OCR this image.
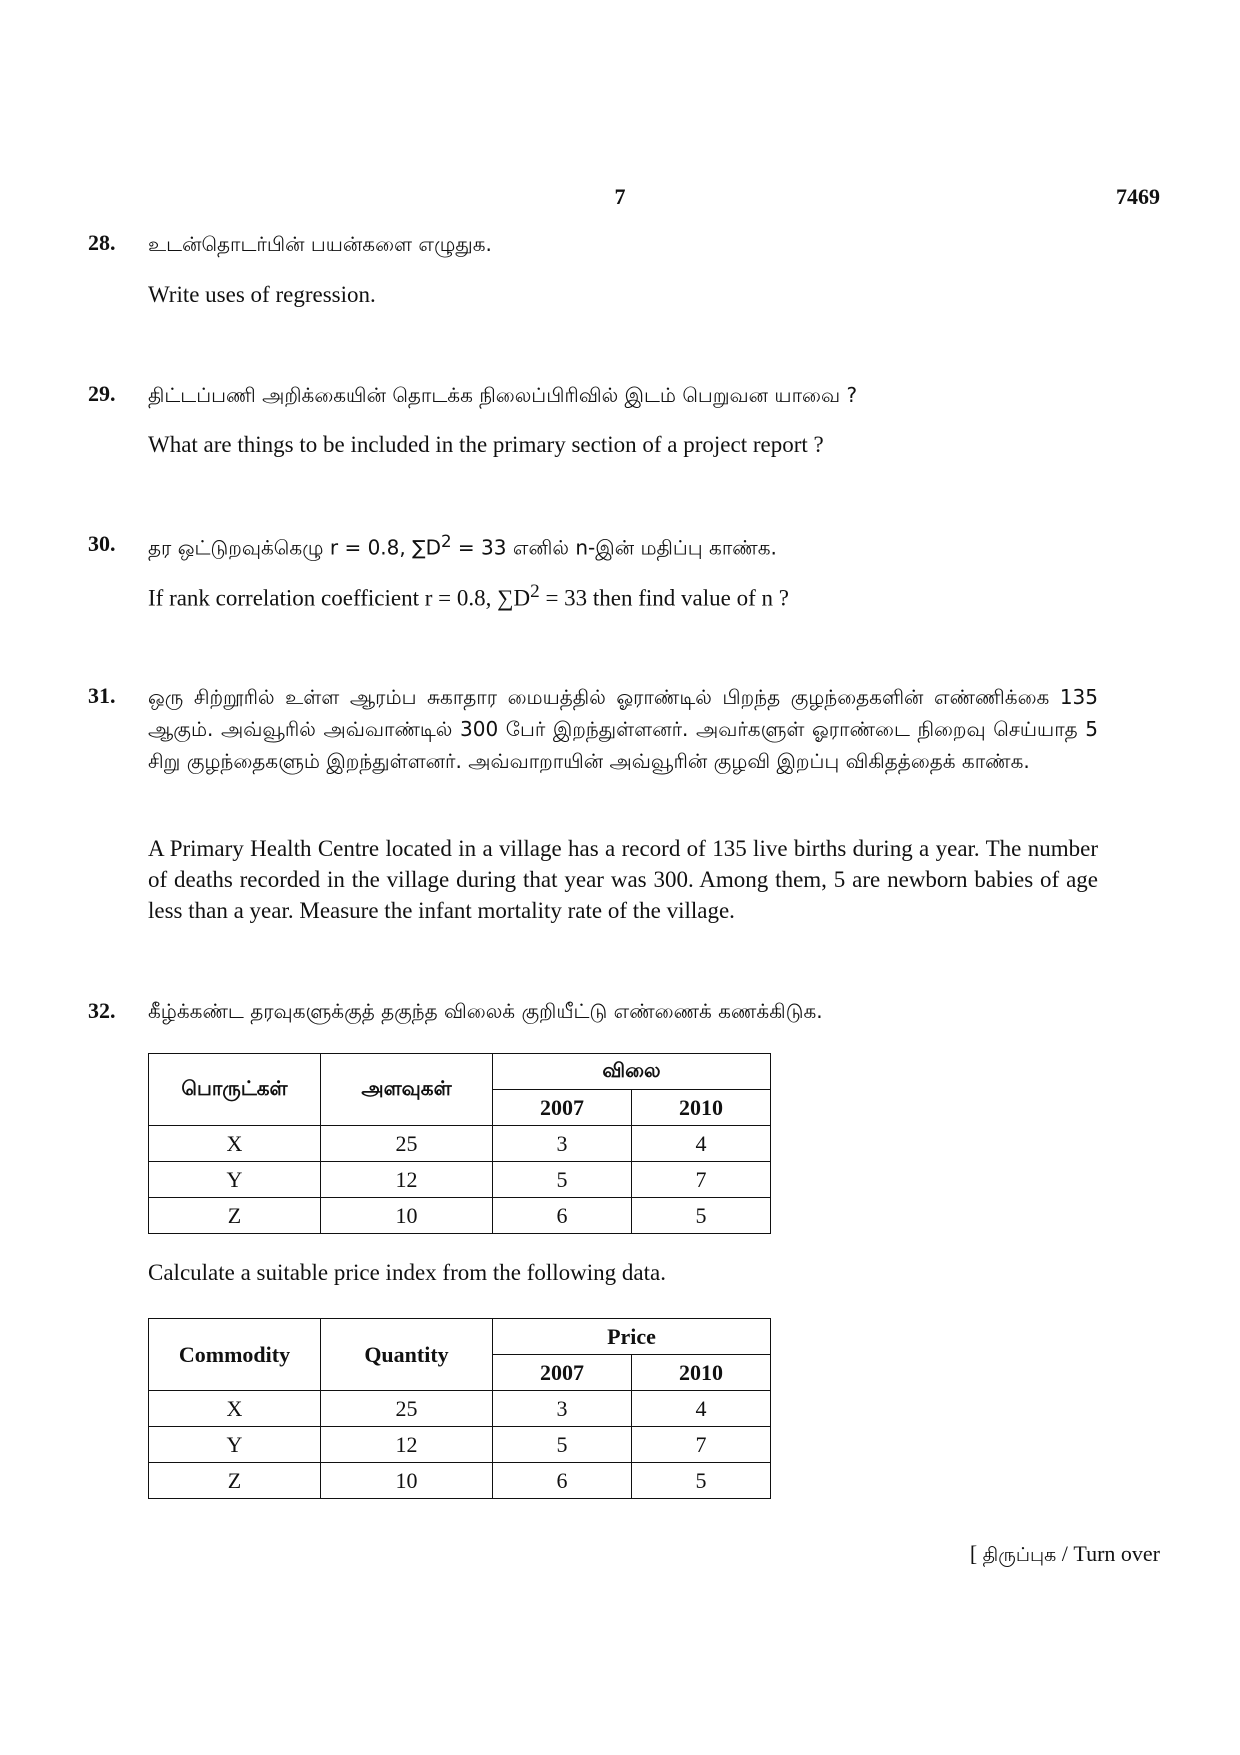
7	7469
28. உடன்தொடர்பின் பயன்களை எழுதுக.
Write uses of regression.
29. திட்டப்பணி அறிக்கையின் தொடக்க நிலைப்பிரிவில் இடம் பெறுவன யாவை ?
What are things to be included in the primary section of a project report ?
30. தர ஒட்டுறவுக்கெழு r = 0.8, $\sum D^2 = 33$ எனில் n-இன் மதிப்பு காண்க.
If rank correlation coefficient r = 0.8, $\sum D^2 = 33$ then find value of n ?
31. ஒரு சிற்றூரில் உள்ள ஆரம்ப சுகாதார மையத்தில் ஓராண்டில் பிறந்த குழந்தைகளின் எண்ணிக்கை 135 ஆகும். அவ்வூரில் அவ்வாண்டில் 300 பேர் இறந்துள்ளனர். அவர்களுள் ஓராண்டை நிறைவு செய்யாத 5 சிறு குழந்தைகளும் இறந்துள்ளனர். அவ்வாறாயின் அவ்வூரின் குழவி இறப்பு விகிதத்தைக் காண்க.
A Primary Health Centre located in a village has a record of 135 live births during a year. The number of deaths recorded in the village during that year was 300. Among them, 5 are newborn babies of age less than a year. Measure the infant mortality rate of the village.
32. கீழ்க்கண்ட தரவுகளுக்குத் தகுந்த விலைக் குறியீட்டு எண்ணைக் கணக்கிடுக.
பொருட்கள்	அளவுகள்	விலை	
		2007	2010
X	25	3	4
Y	12	5	7
Z	10	6	5
Calculate a suitable price index from the following data.
Commodity	Quantity	Price	
		2007	2010
X	25	3	4
Y	12	5	7
Z	10	6	5
[ திருப்புக / Turn over
